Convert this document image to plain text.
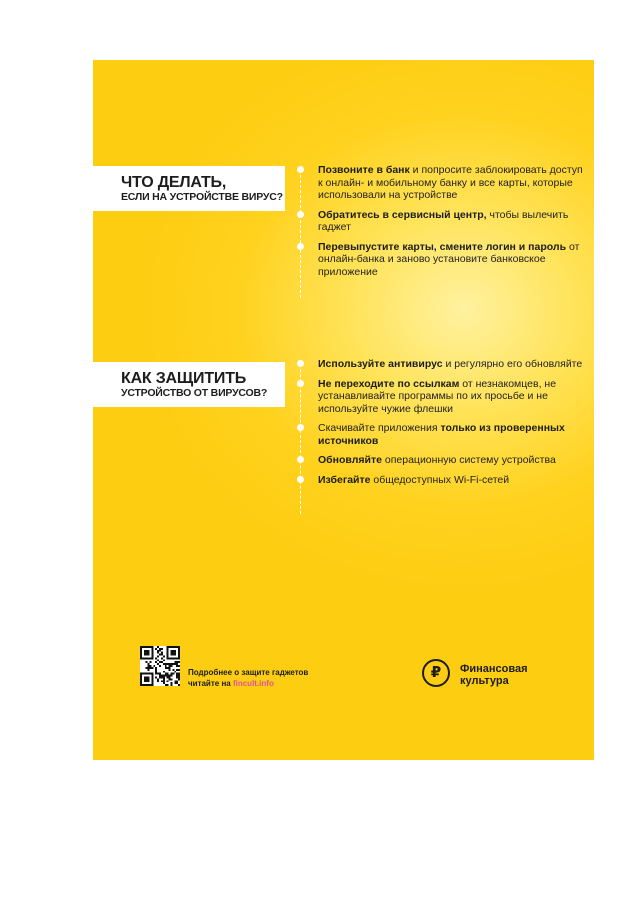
ЧТО ДЕЛАТЬ,
ЕСЛИ НА УСТРОЙСТВЕ ВИРУС?
Позвоните в банк и попросите заблокировать доступ к онлайн- и мобильному банку и все карты, которые использовали на устройстве
Обратитесь в сервисный центр, чтобы вылечить гаджет
Перевыпустите карты, смените логин и пароль от онлайн-банка и заново установите банковское приложение
КАК ЗАЩИТИТЬ
УСТРОЙСТВО ОТ ВИРУСОВ?
Используйте антивирус и регулярно его обновляйте
Не переходите по ссылкам от незнакомцев, не устанавливайте программы по их просьбе и не используйте чужие флешки
Скачивайте приложения только из проверенных источников
Обновляйте операционную систему устройства
Избегайте общедоступных Wi-Fi-сетей
Подробнее о защите гаджетов
читайте на fincult.info
₽	Финансовая
культура
